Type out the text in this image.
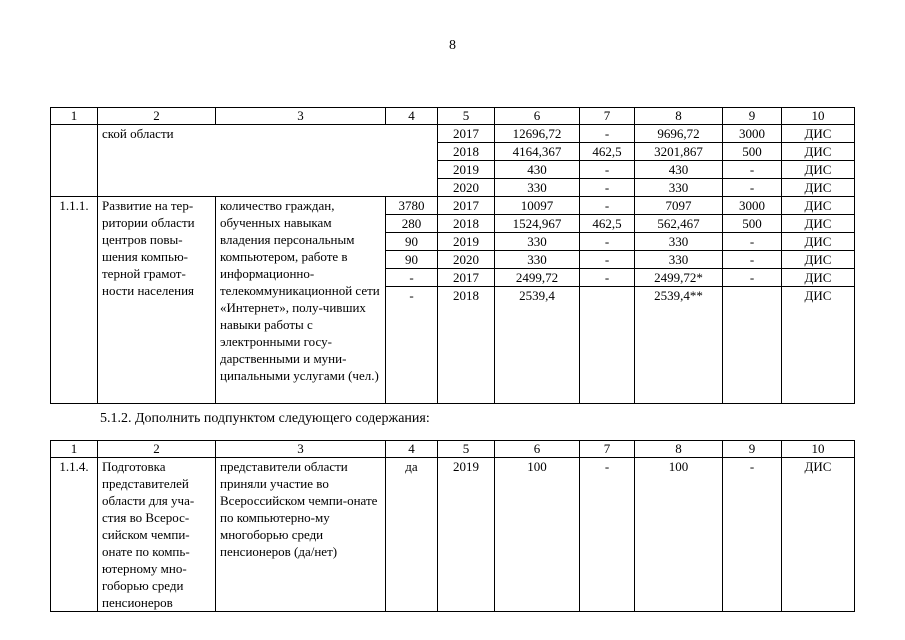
8
1	2	3	4	5	6	7	8	9	10
	ской области			2017	12696,72	-	9696,72	3000	ДИС
				2018	4164,367	462,5	3201,867	500	ДИС
				2019	430	-	430	-	ДИС
				2020	330	-	330	-	ДИС
1.1.1.	Развитие на тер-ритории области центров повы-шения компью-терной грамот-ности населения	количество граждан, обученных навыкам владения персональным компьютером, работе в информационно-телекоммуникационной сети «Интернет», полу-чивших навыки работы с электронными госу-дарственными и муни-ципальными услугами (чел.)	3780	2017	10097	-	7097	3000	ДИС
			280	2018	1524,967	462,5	562,467	500	ДИС
			90	2019	330	-	330	-	ДИС
			90	2020	330	-	330	-	ДИС
			-	2017	2499,72	-	2499,72*	-	ДИС
			-	2018	2539,4		2539,4**		ДИС
5.1.2. Дополнить подпунктом следующего содержания:
1	2	3	4	5	6	7	8	9	10
1.1.4.	Подготовка представителей области для уча-стия во Всерос-сийском чемпи-онате по компь-ютерному мно-гоборью среди пенсионеров	представители области приняли участие во Всероссийском чемпи-онате по компьютерно-му многоборью среди пенсионеров (да/нет)	да	2019	100	-	100	-	ДИС
